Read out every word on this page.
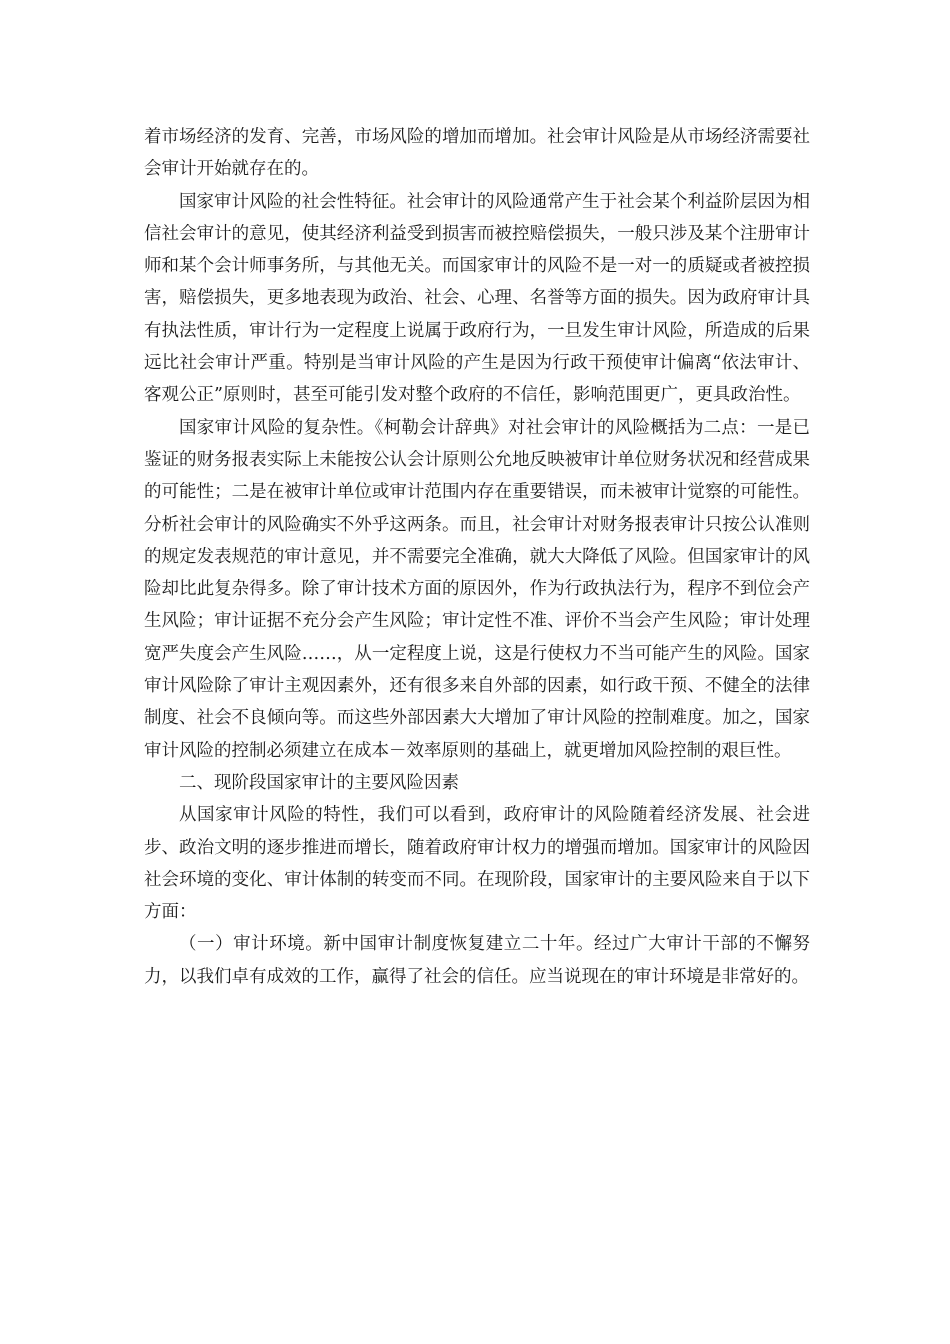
着市场经济的发育、完善，市场风险的增加而增加。社会审计风险是从市场经济需要社会审计开始就存在的。

国家审计风险的社会性特征。社会审计的风险通常产生于社会某个利益阶层因为相信社会审计的意见，使其经济利益受到损害而被控赔偿损失，一般只涉及某个注册审计师和某个会计师事务所，与其他无关。而国家审计的风险不是一对一的质疑或者被控损害，赔偿损失，更多地表现为政治、社会、心理、名誉等方面的损失。因为政府审计具有执法性质，审计行为一定程度上说属于政府行为，一旦发生审计风险，所造成的后果远比社会审计严重。特别是当审计风险的产生是因为行政干预使审计偏离“依法审计、客观公正”原则时，甚至可能引发对整个政府的不信任，影响范围更广，更具政治性。

国家审计风险的复杂性。《柯勒会计辞典》对社会审计的风险概括为二点：一是已鉴证的财务报表实际上未能按公认会计原则公允地反映被审计单位财务状况和经营成果的可能性；二是在被审计单位或审计范围内存在重要错误，而未被审计觉察的可能性。分析社会审计的风险确实不外乎这两条。而且，社会审计对财务报表审计只按公认准则的规定发表规范的审计意见，并不需要完全准确，就大大降低了风险。但国家审计的风险却比此复杂得多。除了审计技术方面的原因外，作为行政执法行为，程序不到位会产生风险；审计证据不充分会产生风险；审计定性不准、评价不当会产生风险；审计处理宽严失度会产生风险……，从一定程度上说，这是行使权力不当可能产生的风险。国家审计风险除了审计主观因素外，还有很多来自外部的因素，如行政干预、不健全的法律制度、社会不良倾向等。而这些外部因素大大增加了审计风险的控制难度。加之，国家审计风险的控制必须建立在成本－效率原则的基础上，就更增加风险控制的艰巨性。

二、现阶段国家审计的主要风险因素

从国家审计风险的特性，我们可以看到，政府审计的风险随着经济发展、社会进步、政治文明的逐步推进而增长，随着政府审计权力的增强而增加。国家审计的风险因社会环境的变化、审计体制的转变而不同。在现阶段，国家审计的主要风险来自于以下方面：

（一）审计环境。新中国审计制度恢复建立二十年。经过广大审计干部的不懈努力，以我们卓有成效的工作，赢得了社会的信任。应当说现在的审计环境是非常好的。
